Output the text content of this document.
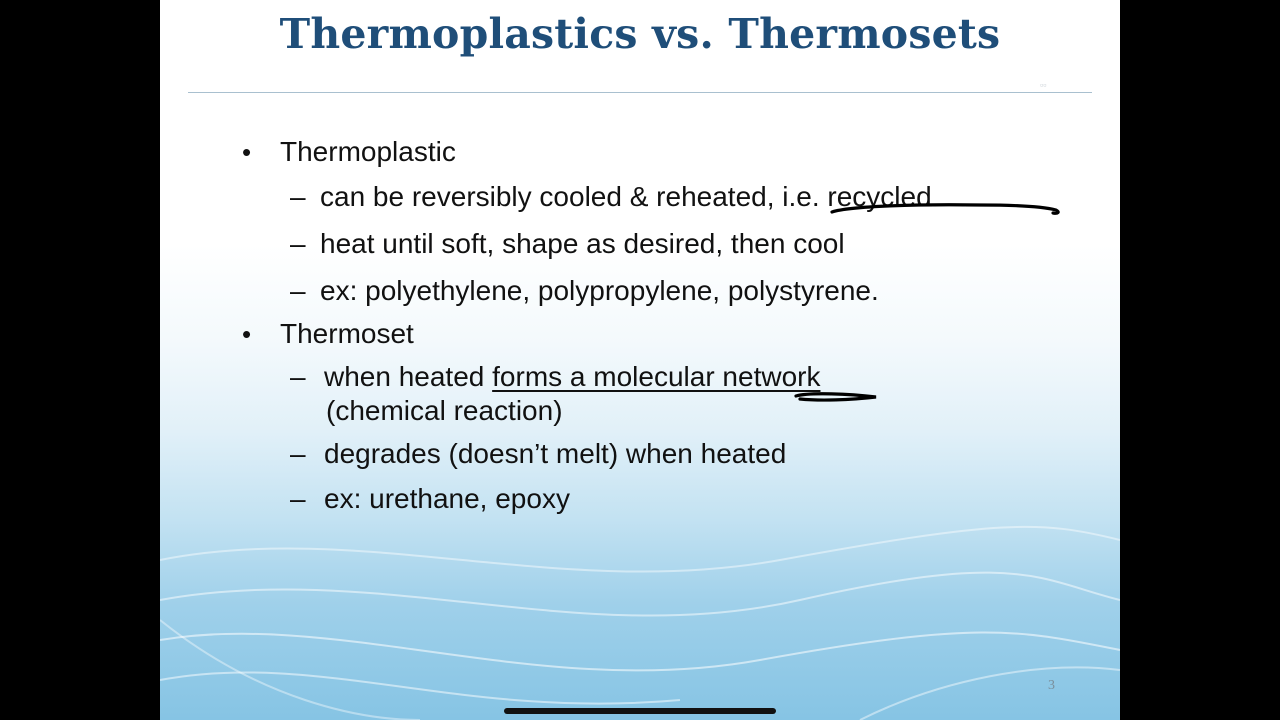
Thermoplastics vs. Thermosets
▫▫
• Thermoplastic
– can be reversibly cooled & reheated, i.e. recycled
– heat until soft, shape as desired, then cool
– ex: polyethylene, polypropylene, polystyrene.
• Thermoset
– when heated forms a molecular network
(chemical reaction)
– degrades (doesn’t melt) when heated
– ex: urethane, epoxy
3
